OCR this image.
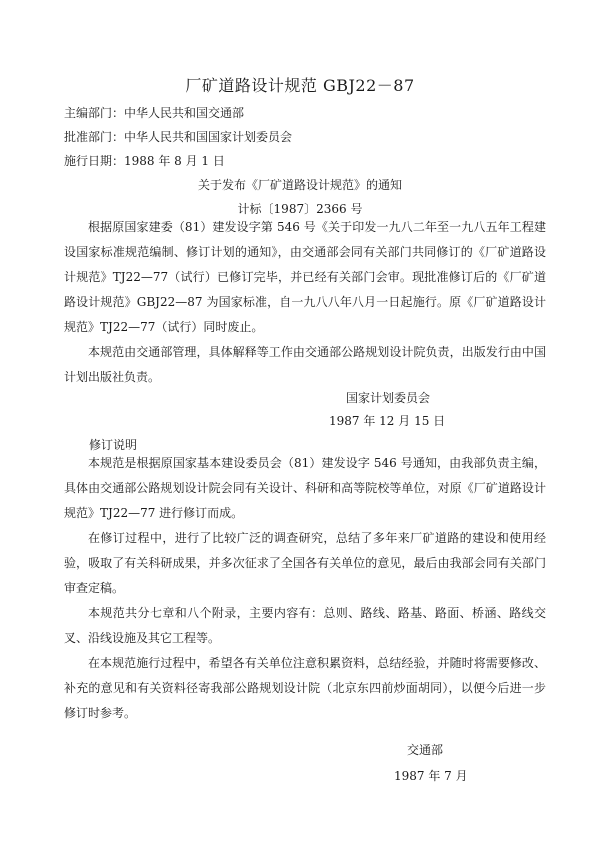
厂矿道路设计规范 GBJ22－87
主编部门：中华人民共和国交通部
批准部门：中华人民共和国国家计划委员会
施行日期：1988 年 8 月 1 日
关于发布《厂矿道路设计规范》的通知
计标〔1987〕2366 号
根据原国家建委（81）建发设字第 546 号《关于印发一九八二年至一九八五年工程建设国家标准规范编制、修订计划的通知》，由交通部会同有关部门共同修订的《厂矿道路设计规范》TJ22—77（试行）已修订完毕，并已经有关部门会审。现批准修订后的《厂矿道路设计规范》GBJ22—87 为国家标准，自一九八八年八月一日起施行。原《厂矿道路设计规范》TJ22—77（试行）同时废止。
本规范由交通部管理，具体解释等工作由交通部公路规划设计院负责，出版发行由中国计划出版社负责。
国家计划委员会
1987 年 12 月 15 日
修订说明
本规范是根据原国家基本建设委员会（81）建发设字 546 号通知，由我部负责主编，具体由交通部公路规划设计院会同有关设计、科研和高等院校等单位，对原《厂矿道路设计规范》TJ22—77 进行修订而成。
在修订过程中，进行了比较广泛的调查研究，总结了多年来厂矿道路的建设和使用经验，吸取了有关科研成果，并多次征求了全国各有关单位的意见，最后由我部会同有关部门审查定稿。
本规范共分七章和八个附录，主要内容有：总则、路线、路基、路面、桥涵、路线交叉、沿线设施及其它工程等。
在本规范施行过程中，希望各有关单位注意积累资料，总结经验，并随时将需要修改、补充的意见和有关资料径寄我部公路规划设计院（北京东四前炒面胡同），以便今后进一步修订时参考。
交通部
1987 年 7 月
